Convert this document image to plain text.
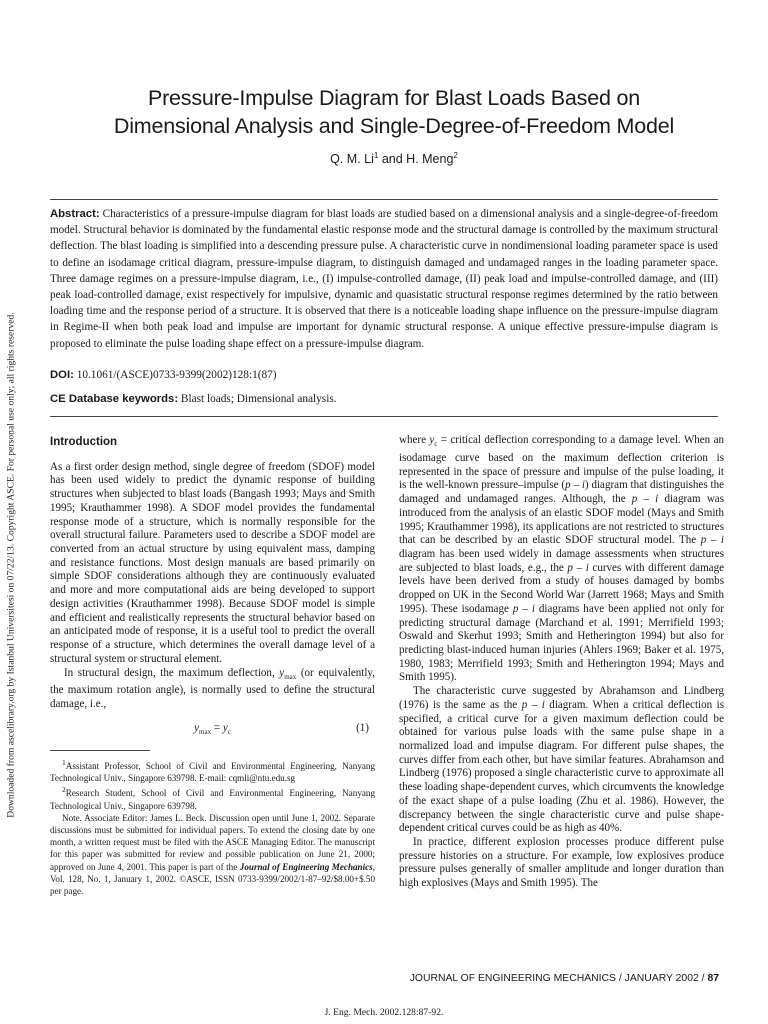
Downloaded from ascelibrary.org by Istanbul Universitesi on 07/22/13. Copyright ASCE. For personal use only; all rights reserved.
Pressure-Impulse Diagram for Blast Loads Based on
Dimensional Analysis and Single-Degree-of-Freedom Model
Q. M. Li$^1$ and H. Meng$^2$
Abstract: Characteristics of a pressure-impulse diagram for blast loads are studied based on a dimensional analysis and a single-degree-of-freedom model. Structural behavior is dominated by the fundamental elastic response mode and the structural damage is controlled by the maximum structural deflection. The blast loading is simplified into a descending pressure pulse. A characteristic curve in nondimensional loading parameter space is used to define an isodamage critical diagram, pressure-impulse diagram, to distinguish damaged and undamaged ranges in the loading parameter space. Three damage regimes on a pressure-impulse diagram, i.e., (I) impulse-controlled damage, (II) peak load and impulse-controlled damage, and (III) peak load-controlled damage, exist respectively for impulsive, dynamic and quasistatic structural response regimes determined by the ratio between loading time and the response period of a structure. It is observed that there is a noticeable loading shape influence on the pressure-impulse diagram in Regime-II when both peak load and impulse are important for dynamic structural response. A unique effective pressure-impulse diagram is proposed to eliminate the pulse loading shape effect on a pressure-impulse diagram.
DOI: 10.1061/(ASCE)0733-9399(2002)128:1(87)
CE Database keywords: Blast loads; Dimensional analysis.
Introduction

As a first order design method, single degree of freedom (SDOF) model has been used widely to predict the dynamic response of building structures when subjected to blast loads (Bangash 1993; Mays and Smith 1995; Krauthammer 1998). A SDOF model provides the fundamental response mode of a structure, which is normally responsible for the overall structural failure. Parameters used to describe a SDOF model are converted from an actual structure by using equivalent mass, damping and resistance functions. Most design manuals are based primarily on simple SDOF considerations although they are continuously evaluated and more and more computational aids are being developed to support design activities (Krauthammer 1998). Because SDOF model is simple and efficient and realistically represents the structural behavior based on an anticipated mode of response, it is a useful tool to predict the overall response of a structure, which determines the overall damage level of a structural system or structural element.

In structural design, the maximum deflection, $y_{max}$ (or equivalently, the maximum rotation angle), is normally used to define the structural damage, i.e.,

$y_{max} = y_c$	(1)

$^1$Assistant Professor, School of Civil and Environmental Engineering, Nanyang Technological Univ., Singapore 639798. E-mail: cqmli@ntu.edu.sg

$^2$Research Student, School of Civil and Environmental Engineering, Nanyang Technological Univ., Singapore 639798.

Note. Associate Editor: James L. Beck. Discussion open until June 1, 2002. Separate discussions must be submitted for individual papers. To extend the closing date by one month, a written request must be filed with the ASCE Managing Editor. The manuscript for this paper was submitted for review and possible publication on June 21, 2000; approved on June 4, 2001. This paper is part of the Journal of Engineering Mechanics, Vol. 128, No. 1, January 1, 2002. ©ASCE, ISSN 0733-9399/2002/1-87–92/$8.00+$.50 per page.

where $y_c$ = critical deflection corresponding to a damage level. When an isodamage curve based on the maximum deflection criterion is represented in the space of pressure and impulse of the pulse loading, it is the well-known pressure–impulse (p – i) diagram that distinguishes the damaged and undamaged ranges. Although, the p – i diagram was introduced from the analysis of an elastic SDOF model (Mays and Smith 1995; Krauthammer 1998), its applications are not restricted to structures that can be described by an elastic SDOF structural model. The p – i diagram has been used widely in damage assessments when structures are subjected to blast loads, e.g., the p – i curves with different damage levels have been derived from a study of houses damaged by bombs dropped on UK in the Second World War (Jarrett 1968; Mays and Smith 1995). These isodamage p – i diagrams have been applied not only for predicting structural damage (Marchand et al. 1991; Merrifield 1993; Oswald and Skerhut 1993; Smith and Hetherington 1994) but also for predicting blast-induced human injuries (Ahlers 1969; Baker et al. 1975, 1980, 1983; Merrifield 1993; Smith and Hetherington 1994; Mays and Smith 1995).

The characteristic curve suggested by Abrahamson and Lindberg (1976) is the same as the p – i diagram. When a critical deflection is specified, a critical curve for a given maximum deflection could be obtained for various pulse loads with the same pulse shape in a normalized load and impulse diagram. For different pulse shapes, the curves differ from each other, but have similar features. Abrahamson and Lindberg (1976) proposed a single characteristic curve to approximate all these loading shape-dependent curves, which circumvents the knowledge of the exact shape of a pulse loading (Zhu et al. 1986). However, the discrepancy between the single characteristic curve and pulse shape-dependent critical curves could be as high as 40%.

In practice, different explosion processes produce different pulse pressure histories on a structure. For example, low explosives produce pressure pulses generally of smaller amplitude and longer duration than high explosives (Mays and Smith 1995). The

JOURNAL OF ENGINEERING MECHANICS / JANUARY 2002 / 87
J. Eng. Mech. 2002.128:87-92.
